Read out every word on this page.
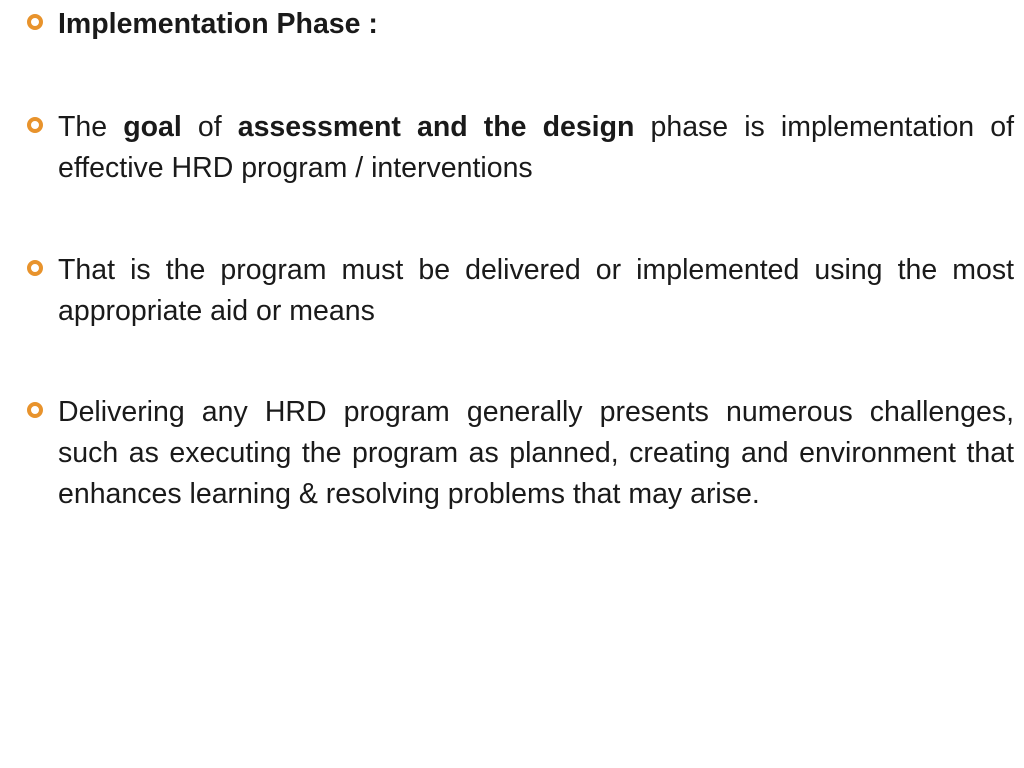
Implementation Phase :
The goal of assessment and the design phase is implementation of effective HRD program / interventions
That is the program must be delivered or implemented using the most appropriate aid or means
Delivering any HRD program generally presents numerous challenges, such as executing the program as planned, creating and environment that enhances learning & resolving problems that may arise.
